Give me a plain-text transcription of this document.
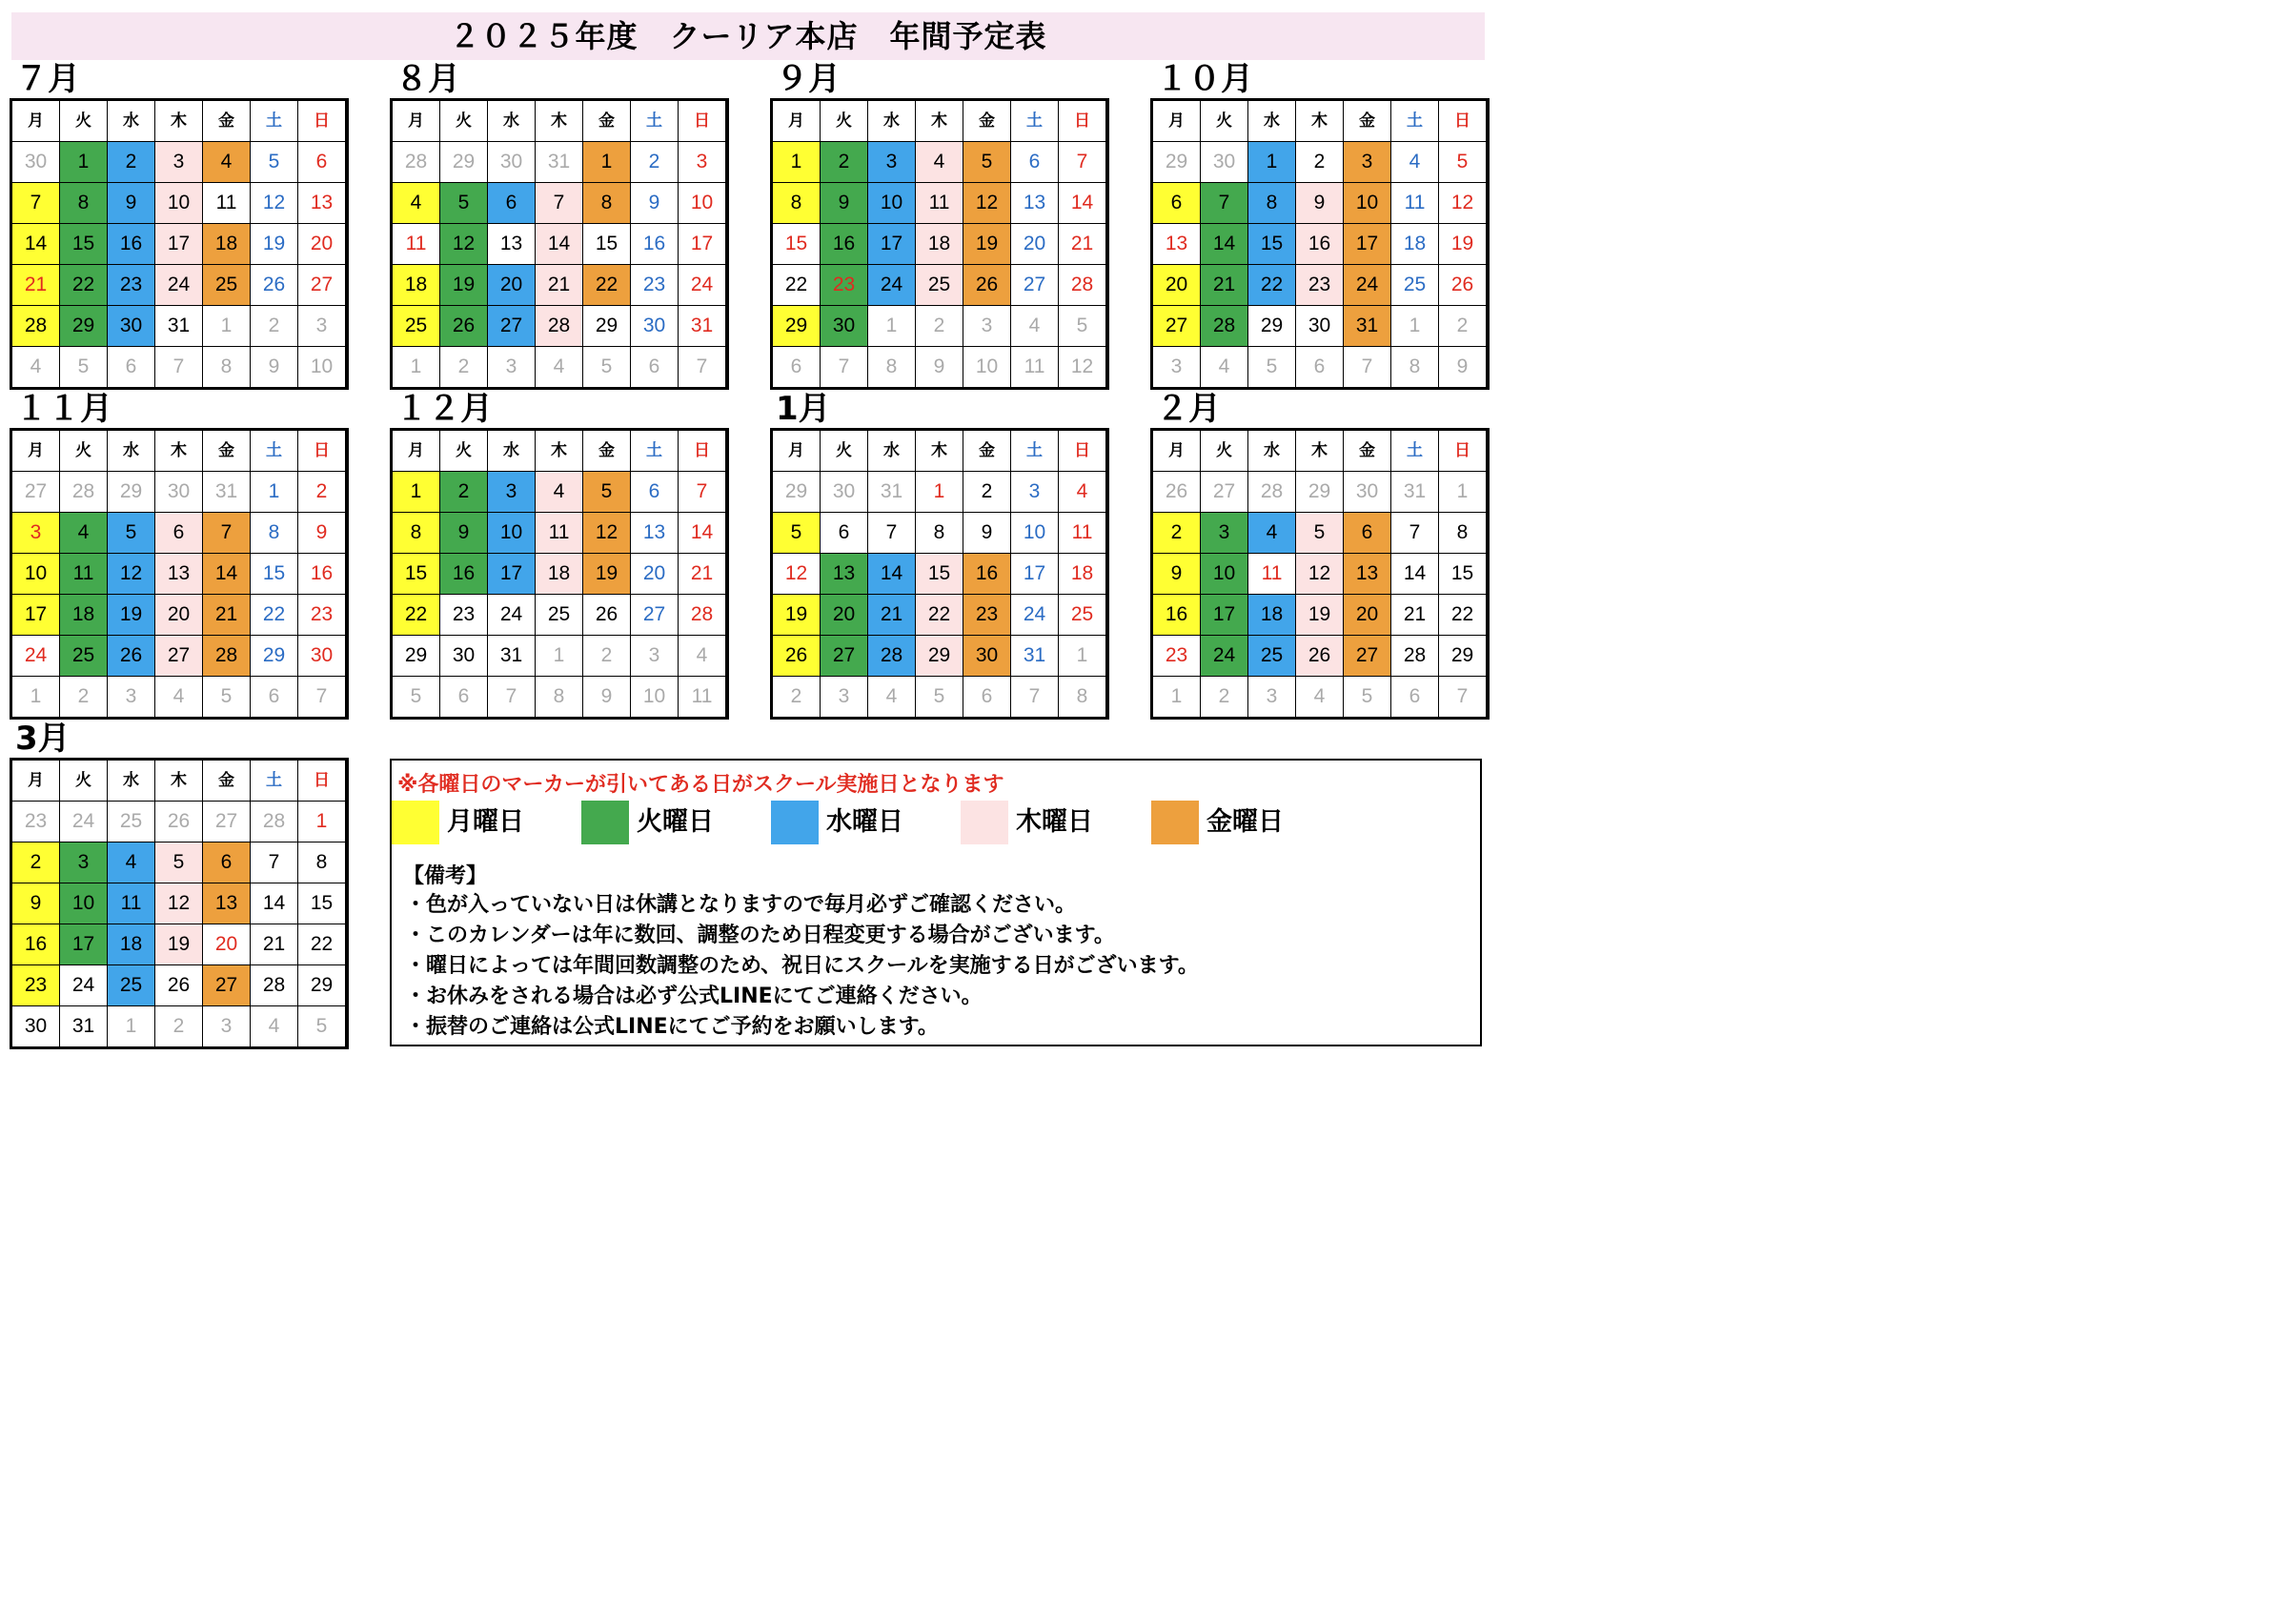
２０２５年度　クーリア本店　年間予定表
７月
月	火	水	木	金	土	日
30	1	2	3	4	5	6
7	8	9	10	11	12	13
14	15	16	17	18	19	20
21	22	23	24	25	26	27
28	29	30	31	1	2	3
4	5	6	7	8	9	10
８月
月	火	水	木	金	土	日
28	29	30	31	1	2	3
4	5	6	7	8	9	10
11	12	13	14	15	16	17
18	19	20	21	22	23	24
25	26	27	28	29	30	31
1	2	3	4	5	6	7
９月
月	火	水	木	金	土	日
1	2	3	4	5	6	7
8	9	10	11	12	13	14
15	16	17	18	19	20	21
22	23	24	25	26	27	28
29	30	1	2	3	4	5
6	7	8	9	10	11	12
１０月
月	火	水	木	金	土	日
29	30	1	2	3	4	5
6	7	8	9	10	11	12
13	14	15	16	17	18	19
20	21	22	23	24	25	26
27	28	29	30	31	1	2
3	4	5	6	7	8	9
１１月
月	火	水	木	金	土	日
27	28	29	30	31	1	2
3	4	5	6	7	8	9
10	11	12	13	14	15	16
17	18	19	20	21	22	23
24	25	26	27	28	29	30
1	2	3	4	5	6	7
１２月
月	火	水	木	金	土	日
1	2	3	4	5	6	7
8	9	10	11	12	13	14
15	16	17	18	19	20	21
22	23	24	25	26	27	28
29	30	31	1	2	3	4
5	6	7	8	9	10	11
1月
月	火	水	木	金	土	日
29	30	31	1	2	3	4
5	6	7	8	9	10	11
12	13	14	15	16	17	18
19	20	21	22	23	24	25
26	27	28	29	30	31	1
2	3	4	5	6	7	8
２月
月	火	水	木	金	土	日
26	27	28	29	30	31	1
2	3	4	5	6	7	8
9	10	11	12	13	14	15
16	17	18	19	20	21	22
23	24	25	26	27	28	29
1	2	3	4	5	6	7
3月
月	火	水	木	金	土	日
23	24	25	26	27	28	1
2	3	4	5	6	7	8
9	10	11	12	13	14	15
16	17	18	19	20	21	22
23	24	25	26	27	28	29
30	31	1	2	3	4	5
※各曜日のマーカーが引いてある日がスクール実施日となります
月曜日	火曜日	水曜日	木曜日	金曜日
【備考】
・色が入っていない日は休講となりますので毎月必ずご確認ください。
・このカレンダーは年に数回、調整のため日程変更する場合がございます。
・曜日によっては年間回数調整のため、祝日にスクールを実施する日がございます。
・お休みをされる場合は必ず公式LINEにてご連絡ください。
・振替のご連絡は公式LINEにてご予約をお願いします。
